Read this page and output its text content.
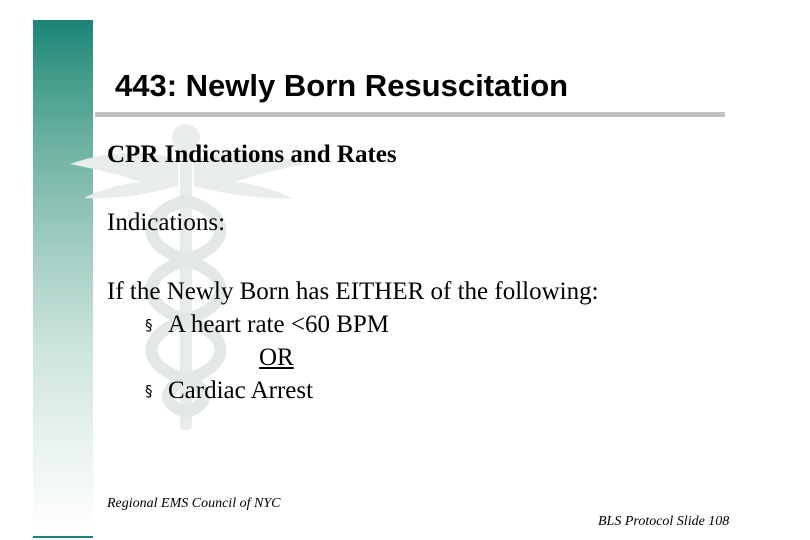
443: Newly Born Resuscitation
CPR Indications and Rates
Indications:
If the Newly Born has EITHER of the following:
§ A heart rate <60 BPM
OR
§ Cardiac Arrest
Regional EMS Council of NYC
BLS Protocol Slide 108
